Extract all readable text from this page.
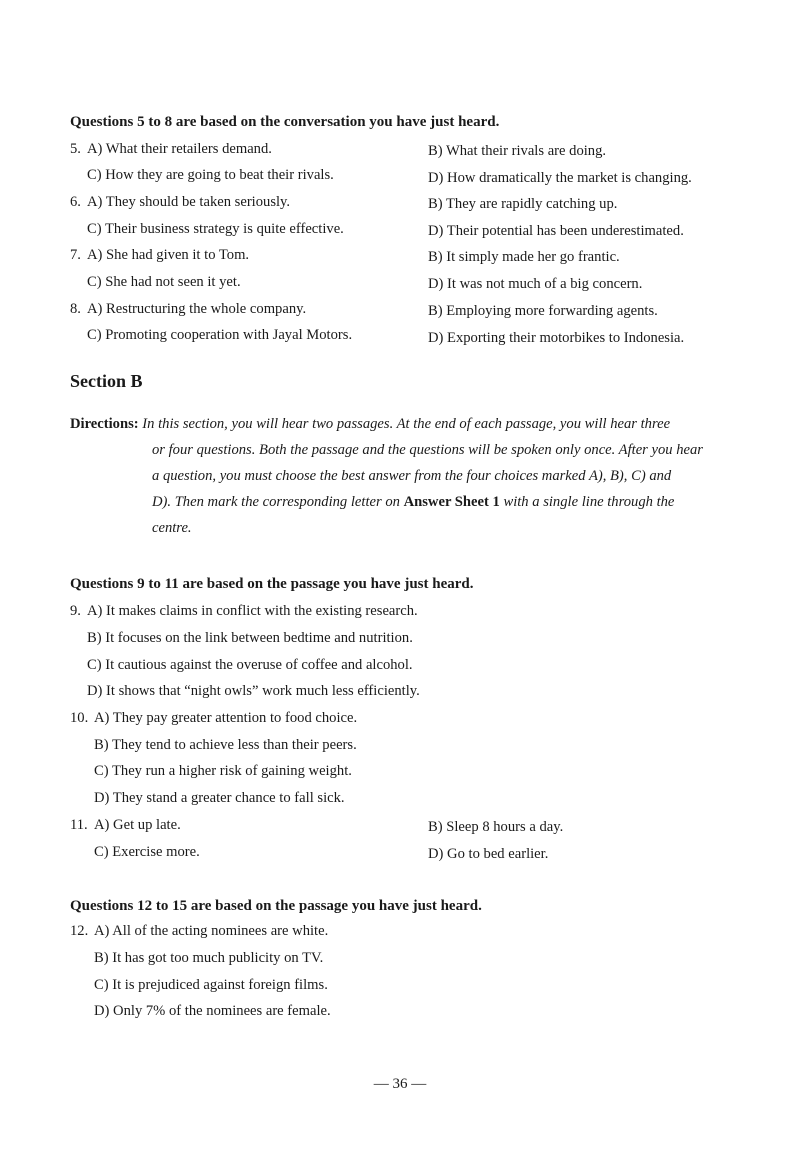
Questions 5 to 8 are based on the conversation you have just heard.
5. A) What their retailers demand.	B) What their rivals are doing.
C) How they are going to beat their rivals.	D) How dramatically the market is changing.
6. A) They should be taken seriously.	B) They are rapidly catching up.
C) Their business strategy is quite effective.	D) Their potential has been underestimated.
7. A) She had given it to Tom.	B) It simply made her go frantic.
C) She had not seen it yet.	D) It was not much of a big concern.
8. A) Restructuring the whole company.	B) Employing more forwarding agents.
C) Promoting cooperation with Jayal Motors.	D) Exporting their motorbikes to Indonesia.
Section B
Directions: In this section, you will hear two passages. At the end of each passage, you will hear three
or four questions. Both the passage and the questions will be spoken only once. After you hear
a question, you must choose the best answer from the four choices marked A), B), C) and
D). Then mark the corresponding letter on Answer Sheet 1 with a single line through the
centre.
Questions 9 to 11 are based on the passage you have just heard.
9. A) It makes claims in conflict with the existing research.
B) It focuses on the link between bedtime and nutrition.
C) It cautious against the overuse of coffee and alcohol.
D) It shows that “night owls” work much less efficiently.
10. A) They pay greater attention to food choice.
B) They tend to achieve less than their peers.
C) They run a higher risk of gaining weight.
D) They stand a greater chance to fall sick.
11. A) Get up late.	B) Sleep 8 hours a day.
C) Exercise more.	D) Go to bed earlier.
Questions 12 to 15 are based on the passage you have just heard.
12. A) All of the acting nominees are white.
B) It has got too much publicity on TV.
C) It is prejudiced against foreign films.
D) Only 7% of the nominees are female.
— 36 —
